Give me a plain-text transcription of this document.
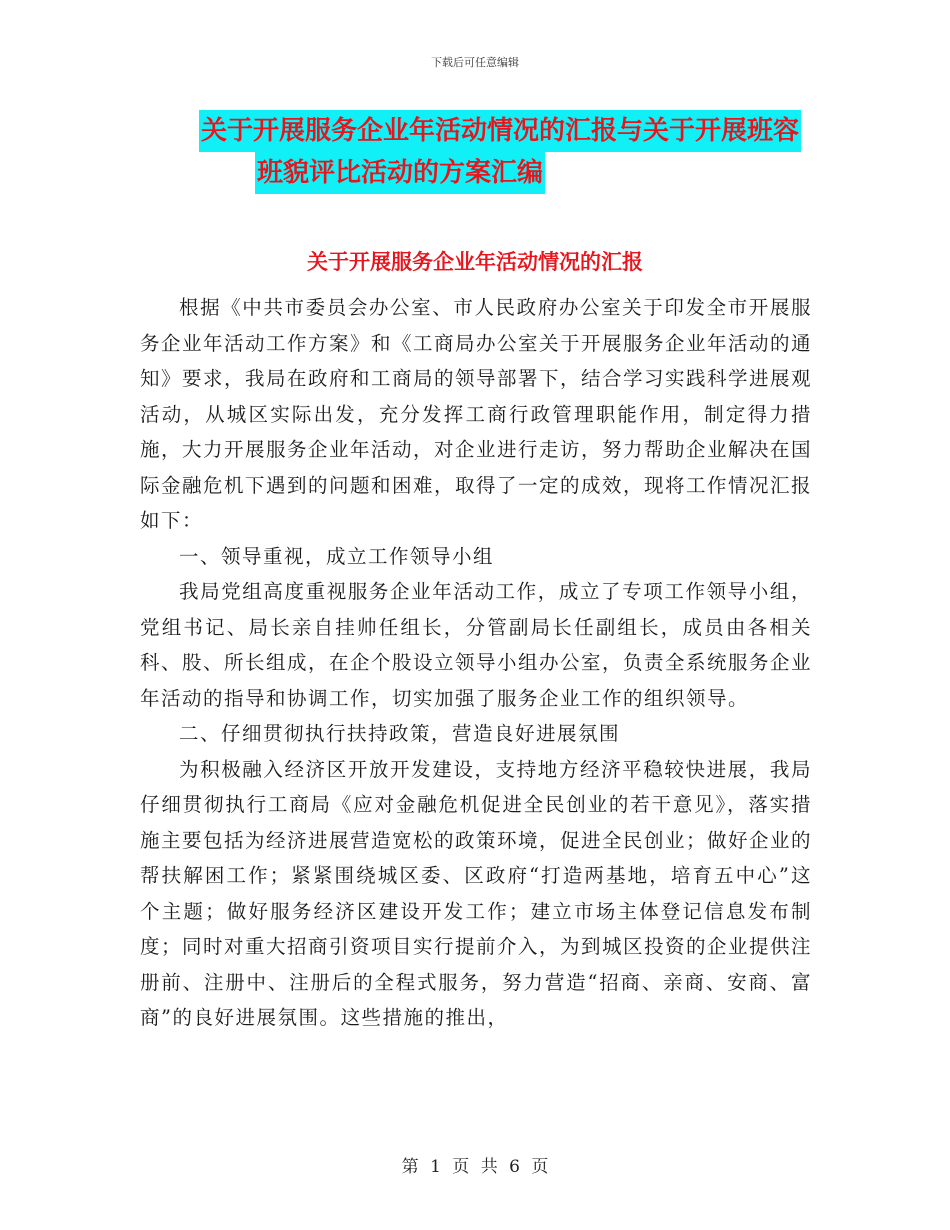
下载后可任意编辑
关于开展服务企业年活动情况的汇报与关于开展班容
班貌评比活动的方案汇编
关于开展服务企业年活动情况的汇报

根据《中共市委员会办公室、市人民政府办公室关于印发全市开展服务企业年活动工作方案》和《工商局办公室关于开展服务企业年活动的通知》要求，我局在政府和工商局的领导部署下，结合学习实践科学进展观活动，从城区实际出发，充分发挥工商行政管理职能作用，制定得力措施，大力开展服务企业年活动，对企业进行走访，努力帮助企业解决在国际金融危机下遇到的问题和困难，取得了一定的成效，现将工作情况汇报如下：

一、领导重视，成立工作领导小组

我局党组高度重视服务企业年活动工作，成立了专项工作领导小组，党组书记、局长亲自挂帅任组长，分管副局长任副组长，成员由各相关科、股、所长组成，在企个股设立领导小组办公室，负责全系统服务企业年活动的指导和协调工作，切实加强了服务企业工作的组织领导。

二、仔细贯彻执行扶持政策，营造良好进展氛围

为积极融入经济区开放开发建设，支持地方经济平稳较快进展，我局仔细贯彻执行工商局《应对金融危机促进全民创业的若干意见》，落实措施主要包括为经济进展营造宽松的政策环境，促进全民创业；做好企业的帮扶解困工作；紧紧围绕城区委、区政府“打造两基地，培育五中心”这个主题；做好服务经济区建设开发工作；建立市场主体登记信息发布制度；同时对重大招商引资项目实行提前介入，为到城区投资的企业提供注册前、注册中、注册后的全程式服务，努力营造“招商、亲商、安商、富商”的良好进展氛围。这些措施的推出，

第 1 页 共 6 页
